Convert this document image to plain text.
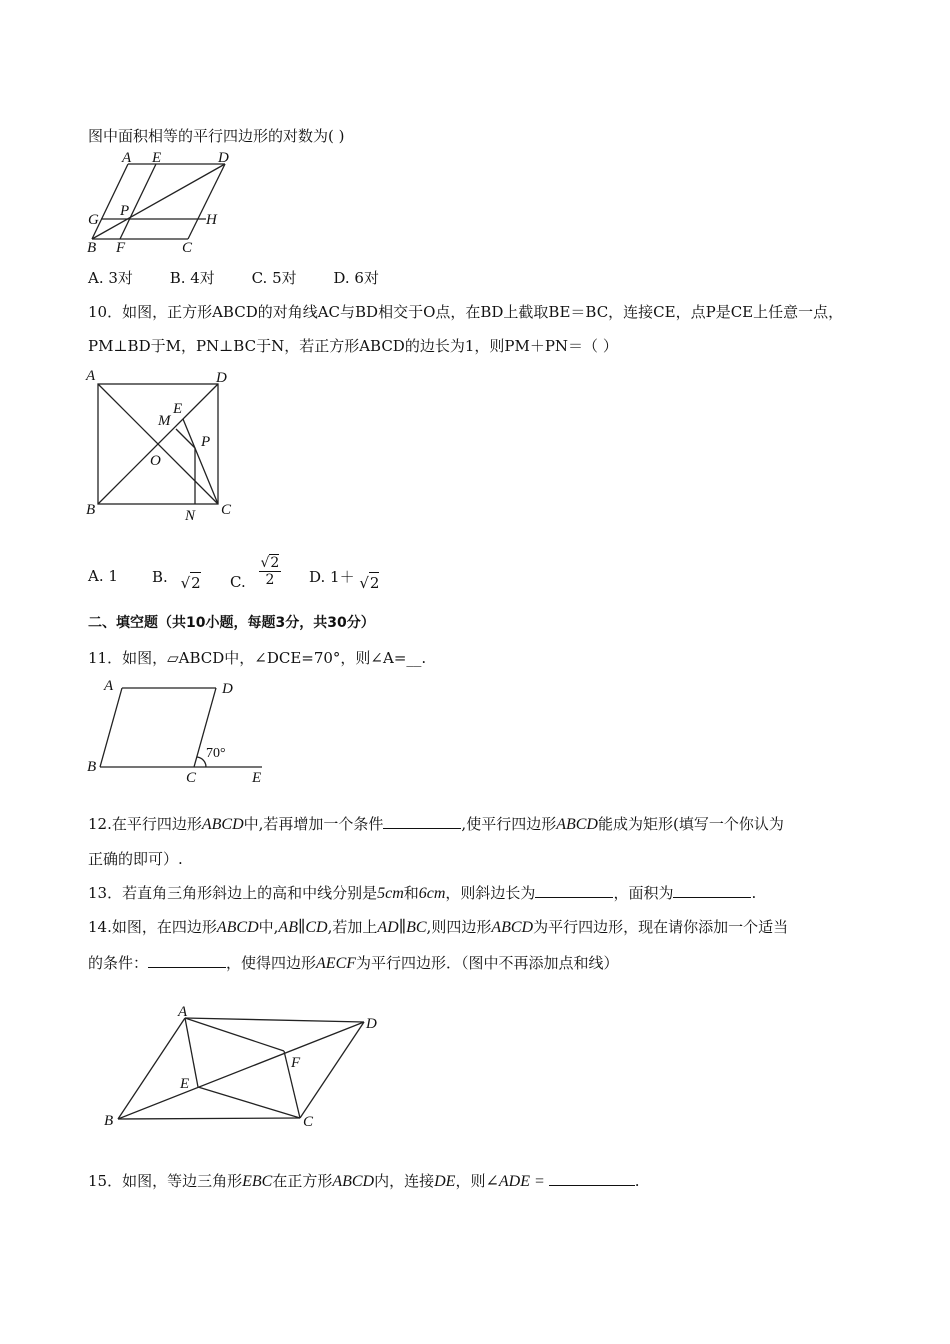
图中面积相等的平行四边形的对数为( )
A E	D
G
P
H
B F	C
A. 3对 B. 4对 C. 5对 D. 6对
10．如图，正方形ABCD的对角线AC与BD相交于O点，在BD上截取BE＝BC，连接CE，点P是CE上任意一点，
PM⊥BD于M，PN⊥BC于N，若正方形ABCD的边长为1，则PM＋PN＝（ ）
A	D
E
M
P
O
B	N C
A. 1 B. √2 C. $\frac{√2}{2} D$. 1＋ √2
二、填空题（共10小题，每题3分，共30分）
11．如图，▱ABCD中，∠DCE=70°，则∠A=__.
A	D
B
C	E
70°
12.在平行四边形ABCD中,若再增加一个条件	,使平行四边形ABCD能成为矩形(填写一个你认为
正确的即可）.
13．若直角三角形斜边上的高和中线分别是5cm和6cm，则斜边长为	，面积为	.
14.如图，在四边形ABCD中,AB∥CD,若加上AD∥BC,则四边形ABCD为平行四边形，现在请你添加一个适当
的条件：	，使得四边形AECF为平行四边形．（图中不再添加点和线）
A
D
E
F
B	C
15．如图，等边三角形EBC在正方形ABCD内，连接DE，则∠ADE =	.
